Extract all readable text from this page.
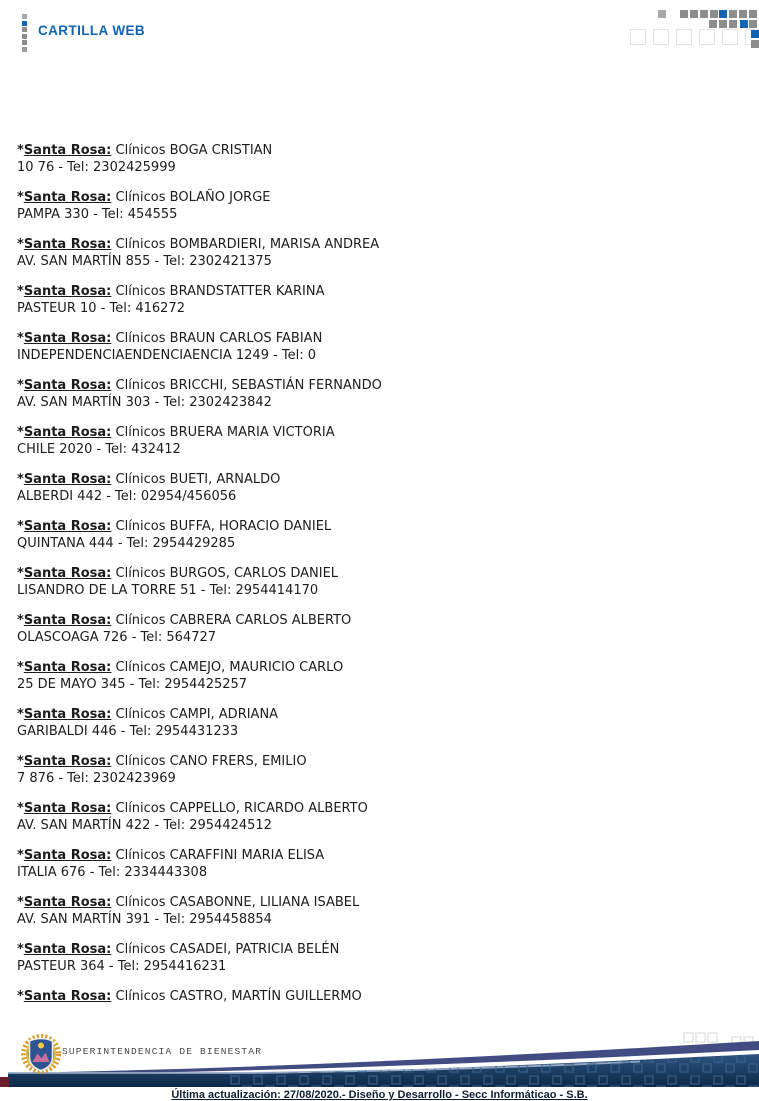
CARTILLA WEB
*Santa Rosa: Clínicos BOGA CRISTIAN
10 76 - Tel: 2302425999
*Santa Rosa: Clínicos BOLAÑO JORGE
PAMPA 330 - Tel: 454555
*Santa Rosa: Clínicos BOMBARDIERI, MARISA ANDREA
AV. SAN MARTÍN 855 - Tel: 2302421375
*Santa Rosa: Clínicos BRANDSTATTER KARINA
PASTEUR 10 - Tel: 416272
*Santa Rosa: Clínicos BRAUN CARLOS FABIAN
INDEPENDENCIAENDENCIAENCIA 1249 - Tel: 0
*Santa Rosa: Clínicos BRICCHI, SEBASTIÁN FERNANDO
AV. SAN MARTÍN 303 - Tel: 2302423842
*Santa Rosa: Clínicos BRUERA MARIA VICTORIA
CHILE 2020 - Tel: 432412
*Santa Rosa: Clínicos BUETI, ARNALDO
ALBERDI 442 - Tel: 02954/456056
*Santa Rosa: Clínicos BUFFA, HORACIO DANIEL
QUINTANA 444 - Tel: 2954429285
*Santa Rosa: Clínicos BURGOS, CARLOS DANIEL
LISANDRO DE LA TORRE 51 - Tel: 2954414170
*Santa Rosa: Clínicos CABRERA CARLOS ALBERTO
OLASCOAGA 726 - Tel: 564727
*Santa Rosa: Clínicos CAMEJO, MAURICIO CARLO
25 DE MAYO 345 - Tel: 2954425257
*Santa Rosa: Clínicos CAMPI, ADRIANA
GARIBALDI 446 - Tel: 2954431233
*Santa Rosa: Clínicos CANO FRERS, EMILIO
7 876 - Tel: 2302423969
*Santa Rosa: Clínicos CAPPELLO, RICARDO ALBERTO
AV. SAN MARTÍN 422 - Tel: 2954424512
*Santa Rosa: Clínicos CARAFFINI MARIA ELISA
ITALIA 676 - Tel: 2334443308
*Santa Rosa: Clínicos CASABONNE, LILIANA ISABEL
AV. SAN MARTÍN 391 - Tel: 2954458854
*Santa Rosa: Clínicos CASADEI, PATRICIA BELÉN
PASTEUR 364 - Tel: 2954416231
*Santa Rosa: Clínicos CASTRO, MARTÍN GUILLERMO
SUPERINTENDENCIA DE BIENESTAR
Última actualización: 27/08/2020.- Diseño y Desarrollo - Secc Informáticao - S.B.
